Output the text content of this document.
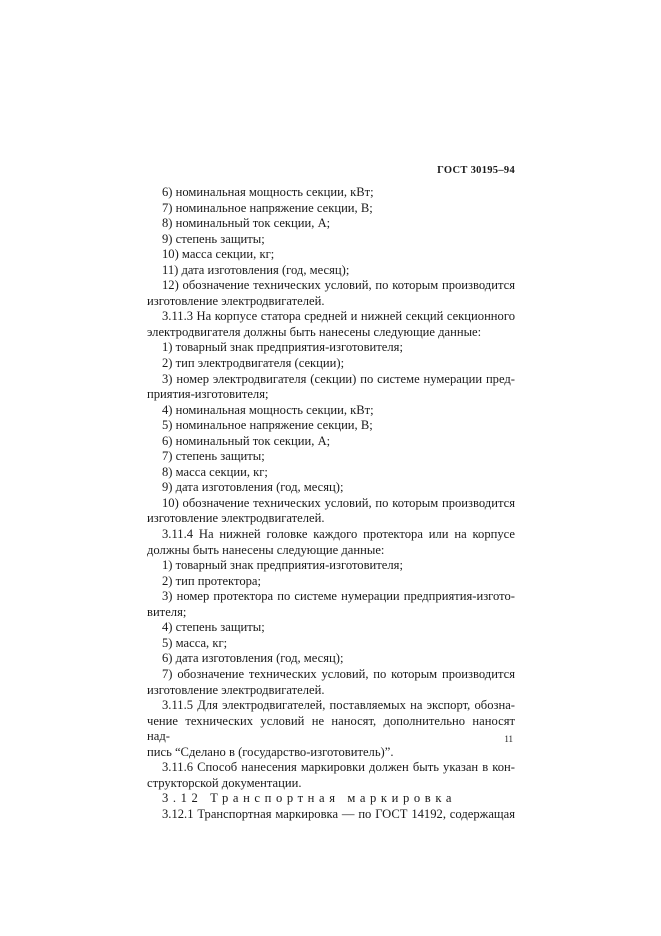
ГОСТ 30195–94
6) номинальная мощность секции, кВт;
7) номинальное напряжение секции, В;
8) номинальный ток секции, А;
9) степень защиты;
10) масса секции, кг;
11) дата изготовления (год, месяц);
12) обозначение технических условий, по которым производится
изготовление электродвигателей.
3.11.3 На корпусе статора средней и нижней секций секционного
электродвигателя должны быть нанесены следующие данные:
1) товарный знак предприятия-изготовителя;
2) тип электродвигателя (секции);
3) номер электродвигателя (секции) по системе нумерации пред-
приятия-изготовителя;
4) номинальная мощность секции, кВт;
5) номинальное напряжение секции, В;
6) номинальный ток секции, А;
7) степень защиты;
8) масса секции, кг;
9) дата изготовления (год, месяц);
10) обозначение технических условий, по которым производится
изготовление электродвигателей.
3.11.4 На нижней головке каждого протектора или на корпусе
должны быть нанесены следующие данные:
1) товарный знак предприятия-изготовителя;
2) тип протектора;
3) номер протектора по системе нумерации предприятия-изгото-
вителя;
4) степень защиты;
5) масса, кг;
6) дата изготовления (год, месяц);
7) обозначение технических условий, по которым производится
изготовление электродвигателей.
3.11.5 Для электродвигателей, поставляемых на экспорт, обозна-
чение технических условий не наносят, дополнительно наносят над-
пись “Сделано в (государство-изготовитель)”.
3.11.6 Способ нанесения маркировки должен быть указан в кон-
структорской документации.
3.12 Транспортная маркировка
3.12.1 Транспортная маркировка — по ГОСТ 14192, содержащая
11
